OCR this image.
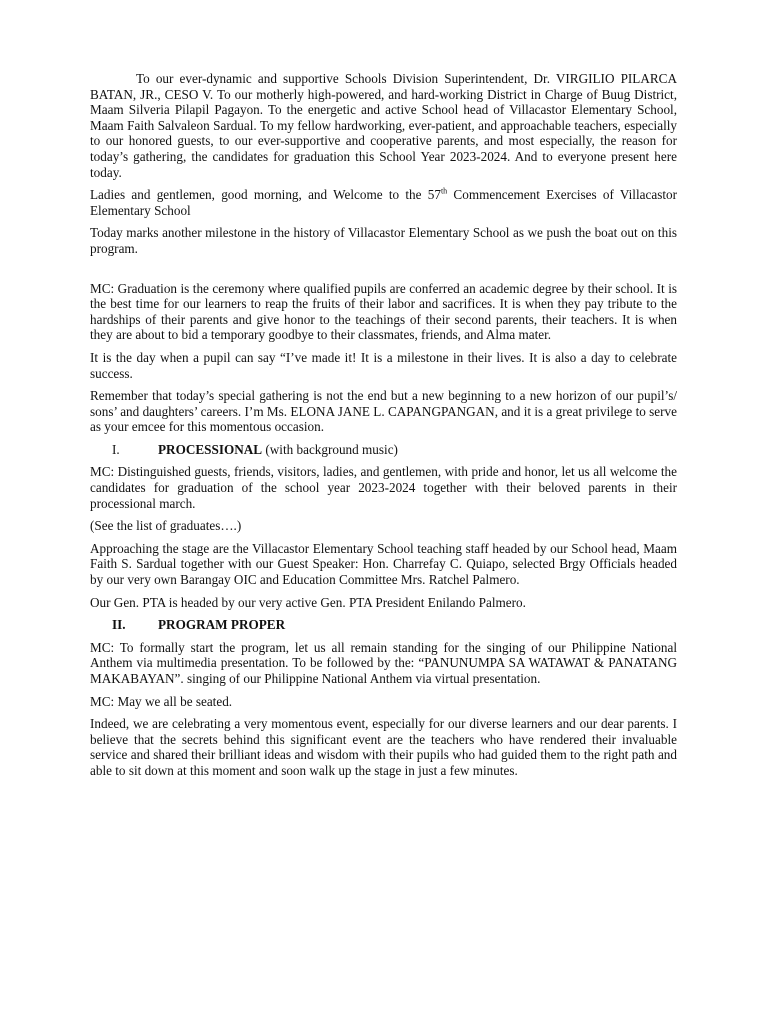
To our ever-dynamic and supportive Schools Division Superintendent, Dr. VIRGILIO PILARCA BATAN, JR., CESO V. To our motherly high-powered, and hard-working District in Charge of Buug District, Maam Silveria Pilapil Pagayon. To the energetic and active School head of Villacastor Elementary School, Maam Faith Salvaleon Sardual. To my fellow hardworking, ever-patient, and approachable teachers, especially to our honored guests, to our ever-supportive and cooperative parents, and most especially, the reason for today’s gathering, the candidates for graduation this School Year 2023-2024. And to everyone present here today.

Ladies and gentlemen, good morning, and Welcome to the 57th Commencement Exercises of Villacastor Elementary School

Today marks another milestone in the history of Villacastor Elementary School as we push the boat out on this program.

MC: Graduation is the ceremony where qualified pupils are conferred an academic degree by their school. It is the best time for our learners to reap the fruits of their labor and sacrifices. It is when they pay tribute to the hardships of their parents and give honor to the teachings of their second parents, their teachers. It is when they are about to bid a temporary goodbye to their classmates, friends, and Alma mater.

It is the day when a pupil can say “I’ve made it! It is a milestone in their lives. It is also a day to celebrate success.

Remember that today’s special gathering is not the end but a new beginning to a new horizon of our pupil’s/ sons’ and daughters’ careers. I’m Ms. ELONA JANE L. CAPANGPANGAN, and it is a great privilege to serve as your emcee for this momentous occasion.

I.	PROCESSIONAL (with background music)

MC: Distinguished guests, friends, visitors, ladies, and gentlemen, with pride and honor, let us all welcome the candidates for graduation of the school year 2023-2024 together with their beloved parents in their processional march.

(See the list of graduates….)

Approaching the stage are the Villacastor Elementary School teaching staff headed by our School head, Maam Faith S. Sardual together with our Guest Speaker: Hon. Charrefay C. Quiapo, selected Brgy Officials headed by our very own Barangay OIC and Education Committee Mrs. Ratchel Palmero.

Our Gen. PTA is headed by our very active Gen. PTA President Enilando Palmero.

II.	PROGRAM PROPER

MC: To formally start the program, let us all remain standing for the singing of our Philippine National Anthem via multimedia presentation. To be followed by the: “PANUNUMPA SA WATAWAT & PANATANG MAKABAYAN”. singing of our Philippine National Anthem via virtual presentation.

MC: May we all be seated.

Indeed, we are celebrating a very momentous event, especially for our diverse learners and our dear parents. I believe that the secrets behind this significant event are the teachers who have rendered their invaluable service and shared their brilliant ideas and wisdom with their pupils who had guided them to the right path and able to sit down at this moment and soon walk up the stage in just a few minutes.
